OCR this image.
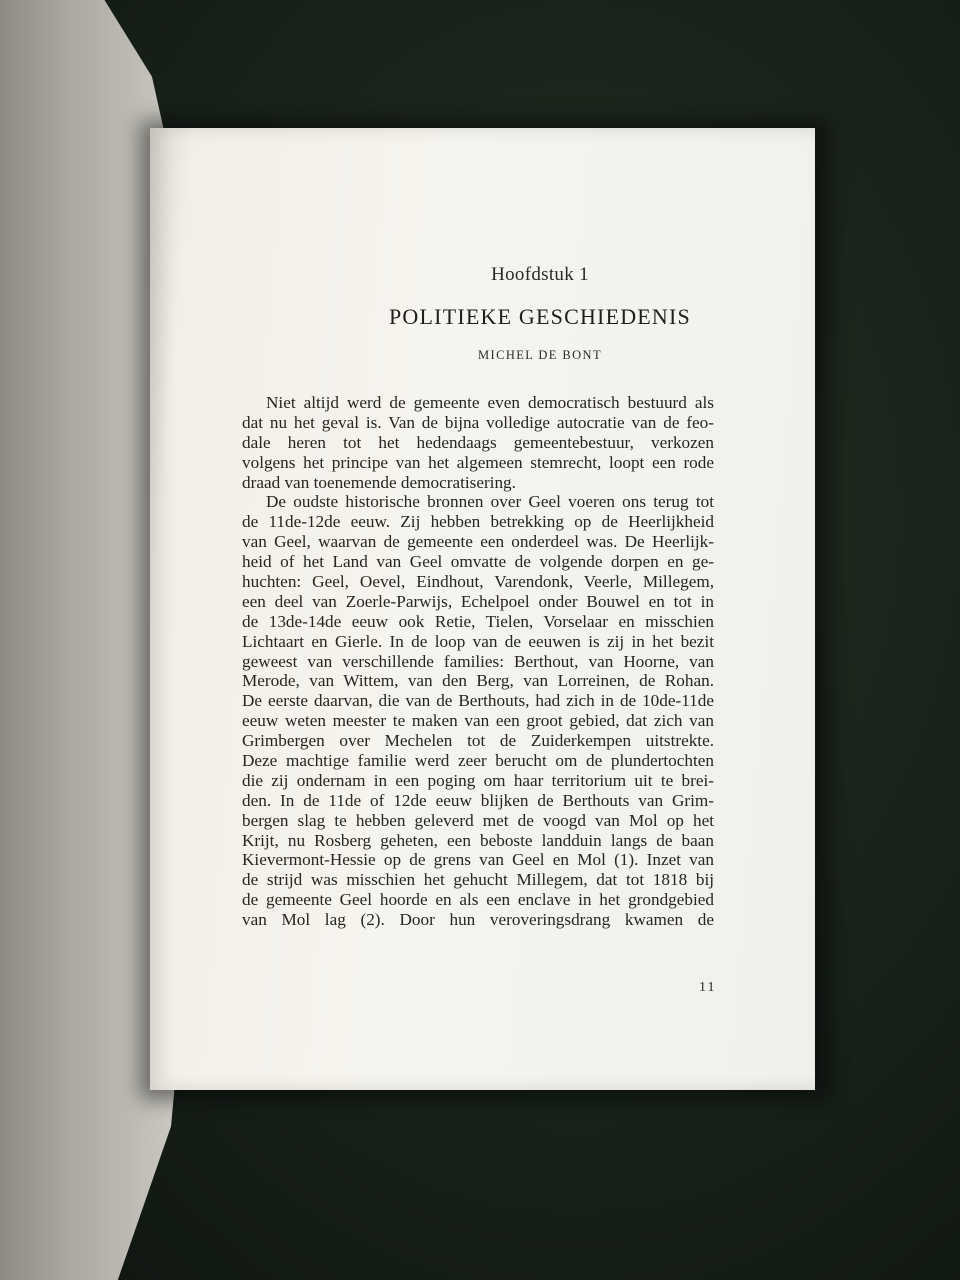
Hoofdstuk 1
POLITIEKE GESCHIEDENIS
MICHEL DE BONT
Niet altijd werd de gemeente even democratisch bestuurd als
dat nu het geval is. Van de bijna volledige autocratie van de feo-
dale heren tot het hedendaags gemeentebestuur, verkozen
volgens het principe van het algemeen stemrecht, loopt een rode
draad van toenemende democratisering.
De oudste historische bronnen over Geel voeren ons terug tot
de 11de-12de eeuw. Zij hebben betrekking op de Heerlijkheid
van Geel, waarvan de gemeente een onderdeel was. De Heerlijk-
heid of het Land van Geel omvatte de volgende dorpen en ge-
huchten: Geel, Oevel, Eindhout, Varendonk, Veerle, Millegem,
een deel van Zoerle-Parwijs, Echelpoel onder Bouwel en tot in
de 13de-14de eeuw ook Retie, Tielen, Vorselaar en misschien
Lichtaart en Gierle. In de loop van de eeuwen is zij in het bezit
geweest van verschillende families: Berthout, van Hoorne, van
Merode, van Wittem, van den Berg, van Lorreinen, de Rohan.
De eerste daarvan, die van de Berthouts, had zich in de 10de-11de
eeuw weten meester te maken van een groot gebied, dat zich van
Grimbergen over Mechelen tot de Zuiderkempen uitstrekte.
Deze machtige familie werd zeer berucht om de plundertochten
die zij ondernam in een poging om haar territorium uit te brei-
den. In de 11de of 12de eeuw blijken de Berthouts van Grim-
bergen slag te hebben geleverd met de voogd van Mol op het
Krijt, nu Rosberg geheten, een beboste landduin langs de baan
Kievermont-Hessie op de grens van Geel en Mol (1). Inzet van
de strijd was misschien het gehucht Millegem, dat tot 1818 bij
de gemeente Geel hoorde en als een enclave in het grondgebied
van Mol lag (2). Door hun veroveringsdrang kwamen de
11
